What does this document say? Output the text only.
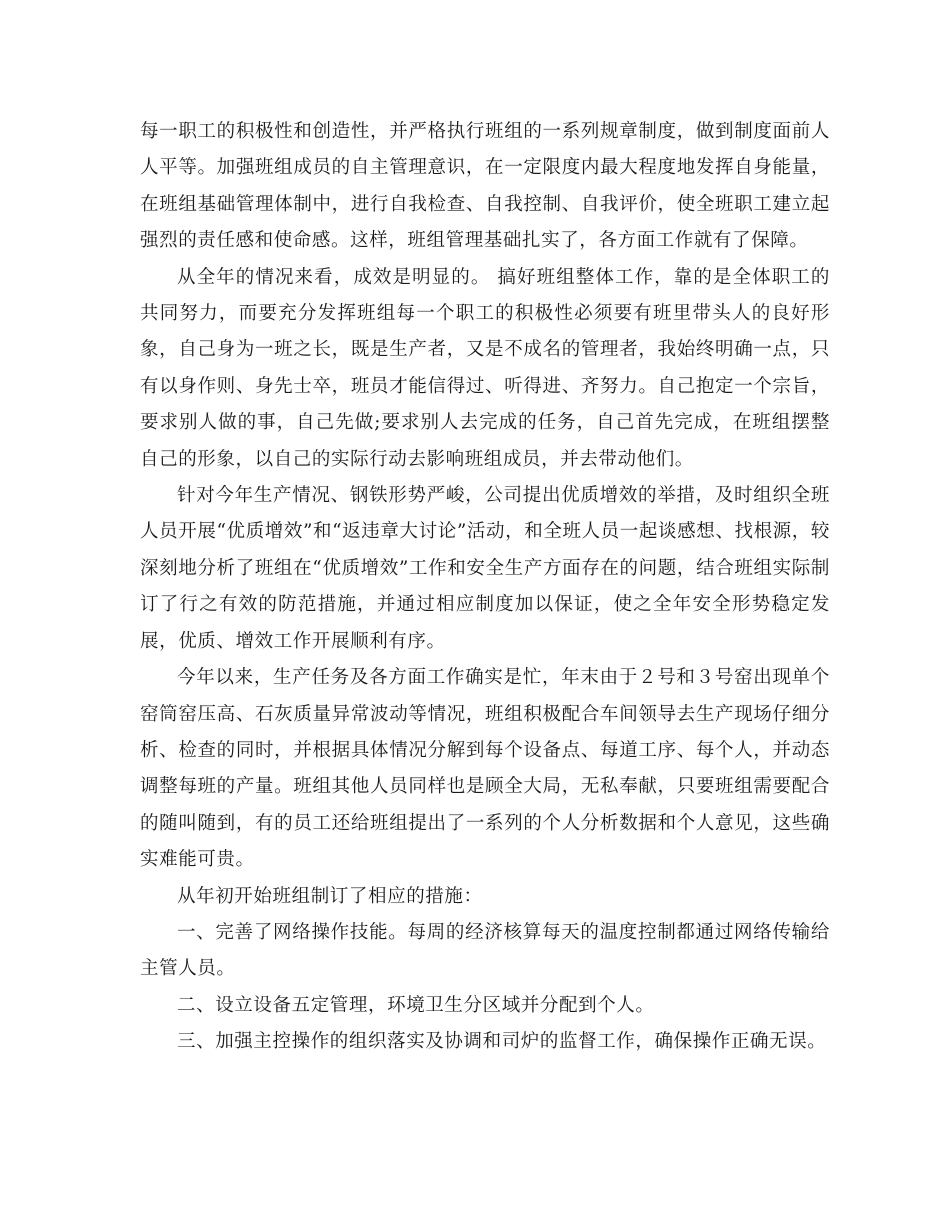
每一职工的积极性和创造性，并严格执行班组的一系列规章制度，做到制度面前人人平等。加强班组成员的自主管理意识，在一定限度内最大程度地发挥自身能量，在班组基础管理体制中，进行自我检查、自我控制、自我评价，使全班职工建立起强烈的责任感和使命感。这样，班组管理基础扎实了，各方面工作就有了保障。

从全年的情况来看，成效是明显的。 搞好班组整体工作，靠的是全体职工的共同努力，而要充分发挥班组每一个职工的积极性必须要有班里带头人的良好形象，自己身为一班之长，既是生产者，又是不成名的管理者，我始终明确一点，只有以身作则、身先士卒，班员才能信得过、听得进、齐努力。自己抱定一个宗旨，要求别人做的事，自己先做;要求别人去完成的任务，自己首先完成，在班组摆整自己的形象，以自己的实际行动去影响班组成员，并去带动他们。

针对今年生产情况、钢铁形势严峻，公司提出优质增效的举措，及时组织全班人员开展“优质增效”和“返违章大讨论”活动，和全班人员一起谈感想、找根源，较深刻地分析了班组在“优质增效”工作和安全生产方面存在的问题，结合班组实际制订了行之有效的防范措施，并通过相应制度加以保证，使之全年安全形势稳定发展，优质、增效工作开展顺利有序。

今年以来，生产任务及各方面工作确实是忙，年末由于２号和３号窑出现单个窑筒窑压高、石灰质量异常波动等情况，班组积极配合车间领导去生产现场仔细分析、检查的同时，并根据具体情况分解到每个设备点、每道工序、每个人，并动态调整每班的产量。班组其他人员同样也是顾全大局，无私奉献，只要班组需要配合的随叫随到，有的员工还给班组提出了一系列的个人分析数据和个人意见，这些确实难能可贵。

从年初开始班组制订了相应的措施：

一、完善了网络操作技能。每周的经济核算每天的温度控制都通过网络传输给主管人员。

二、设立设备五定管理，环境卫生分区域并分配到个人。

三、加强主控操作的组织落实及协调和司炉的监督工作，确保操作正确无误。
